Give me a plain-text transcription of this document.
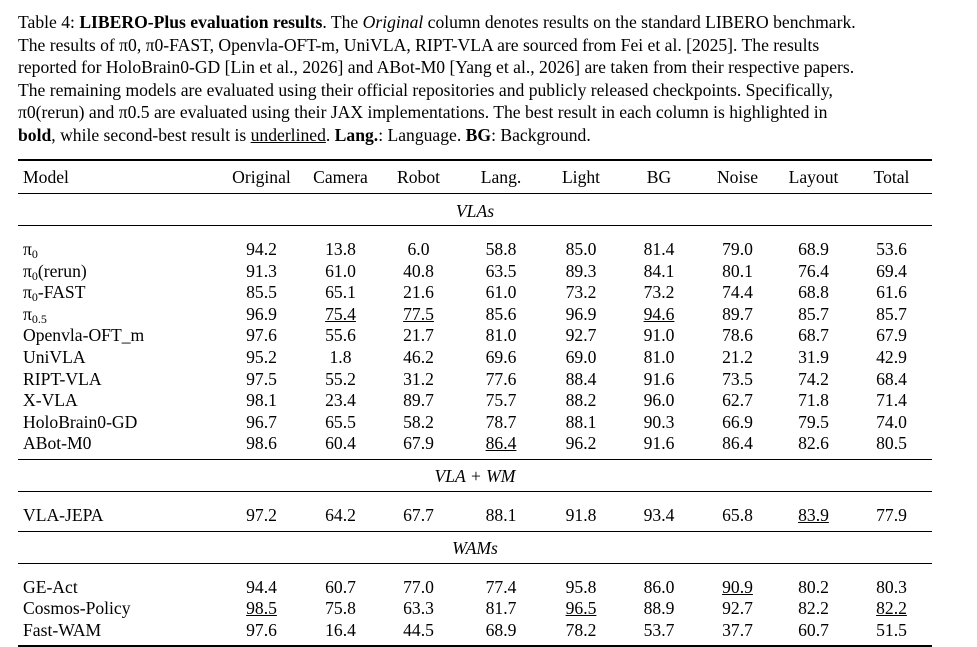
Table 4: LIBERO-Plus evaluation results. The Original column denotes results on the standard LIBERO benchmark.
The results of π0, π0-FAST, Openvla-OFT-m, UniVLA, RIPT-VLA are sourced from Fei et al. [2025]. The results
reported for HoloBrain0-GD [Lin et al., 2026] and ABot-M0 [Yang et al., 2026] are taken from their respective papers.
The remaining models are evaluated using their official repositories and publicly released checkpoints. Specifically,
π0(rerun) and π0.5 are evaluated using their JAX implementations. The best result in each column is highlighted in
bold, while second-best result is underlined. Lang.: Language. BG: Background.
Model	Original	Camera	Robot	Lang.	Light	BG	Noise	Layout	Total
VLAs									
$\pi_0$	94.2	13.8	6.0	58.8	85.0	81.4	79.0	68.9	53.6
$\pi_0(rerun)$	91.3	61.0	40.8	63.5	89.3	84.1	80.1	76.4	69.4
$\pi_0$-FAST	85.5	65.1	21.6	61.0	73.2	73.2	74.4	68.8	61.6
$\pi_{0.5}$	96.9	75.4	77.5	85.6	96.9	94.6	89.7	85.7	85.7
Openvla-OFT_m	97.6	55.6	21.7	81.0	92.7	91.0	78.6	68.7	67.9
UniVLA	95.2	1.8	46.2	69.6	69.0	81.0	21.2	31.9	42.9
RIPT-VLA	97.5	55.2	31.2	77.6	88.4	91.6	73.5	74.2	68.4
X-VLA	98.1	23.4	89.7	75.7	88.2	96.0	62.7	71.8	71.4
HoloBrain0-GD	96.7	65.5	58.2	78.7	88.1	90.3	66.9	79.5	74.0
ABot-M0	98.6	60.4	67.9	86.4	96.2	91.6	86.4	82.6	80.5
VLA + WM									
VLA-JEPA	97.2	64.2	67.7	88.1	91.8	93.4	65.8	83.9	77.9
WAMs									
GE-Act	94.4	60.7	77.0	77.4	95.8	86.0	90.9	80.2	80.3
Cosmos-Policy	98.5	75.8	63.3	81.7	96.5	88.9	92.7	82.2	82.2
Fast-WAM	97.6	16.4	44.5	68.9	78.2	53.7	37.7	60.7	51.5
